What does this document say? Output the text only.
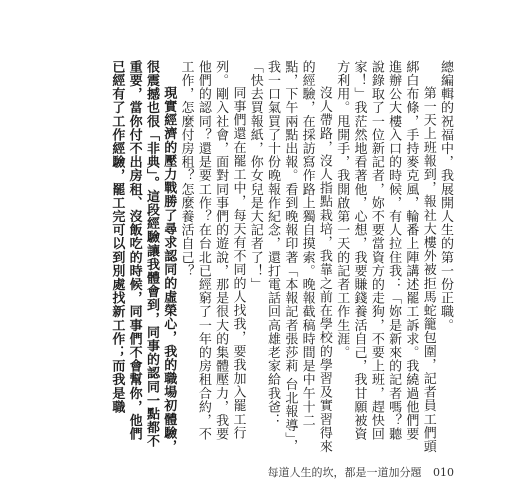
總編輯的祝福中，我展開人生的第一份正職。

第一天上班報到，報社大樓外被拒馬蛇籠包圍，記者員工們頭綁白布條，手持麥克風，輪番上陣講述罷工訴求。我繞過他們要進辦公大樓入口的時候，有人拉住我：「妳是新來的記者嗎？聽說錄取了一位新記者，妳不要當資方的走狗，不要上班，趕快回家！」我茫然地看著他，心想，我要賺錢養活自己，我甘願被資方利用。甩開手，我開啟第一天的記者工作生涯。

沒人帶路，沒人指點栽培，我靠之前在學校的學習及實習得來的經驗，在採訪寫作路上獨自摸索。晚報截稿時間是中午十二點，下午兩點出報。看到晚報印著「本報記者張莎莉 台北報導」，我一口氣買了十份晚報作紀念，還打電話回高雄老家給我爸：「快去買報紙，你女兒是大記者了！」

同事們還在罷工中，每天有不同的人找我，要我加入罷工行列。剛入社會，面對同事們的遊說，那是很大的集體壓力，我要他們的認同？還是要工作？在台北已經窮了一年的房租合約，不工作，怎麼付房租？怎麼養活自己？

現實經濟的壓力戰勝了尋求認同的虛榮心，我的職場初體驗，很震撼也很「非典」。這段經驗讓我體會到，同事的認同一點都不重要，當你付不出房租、沒飯吃的時候，同事們不會幫你，他們已經有了工作經驗，罷工完可以到別處找新工作；而我是職

每道人生的坎，都是一道加分題 010
